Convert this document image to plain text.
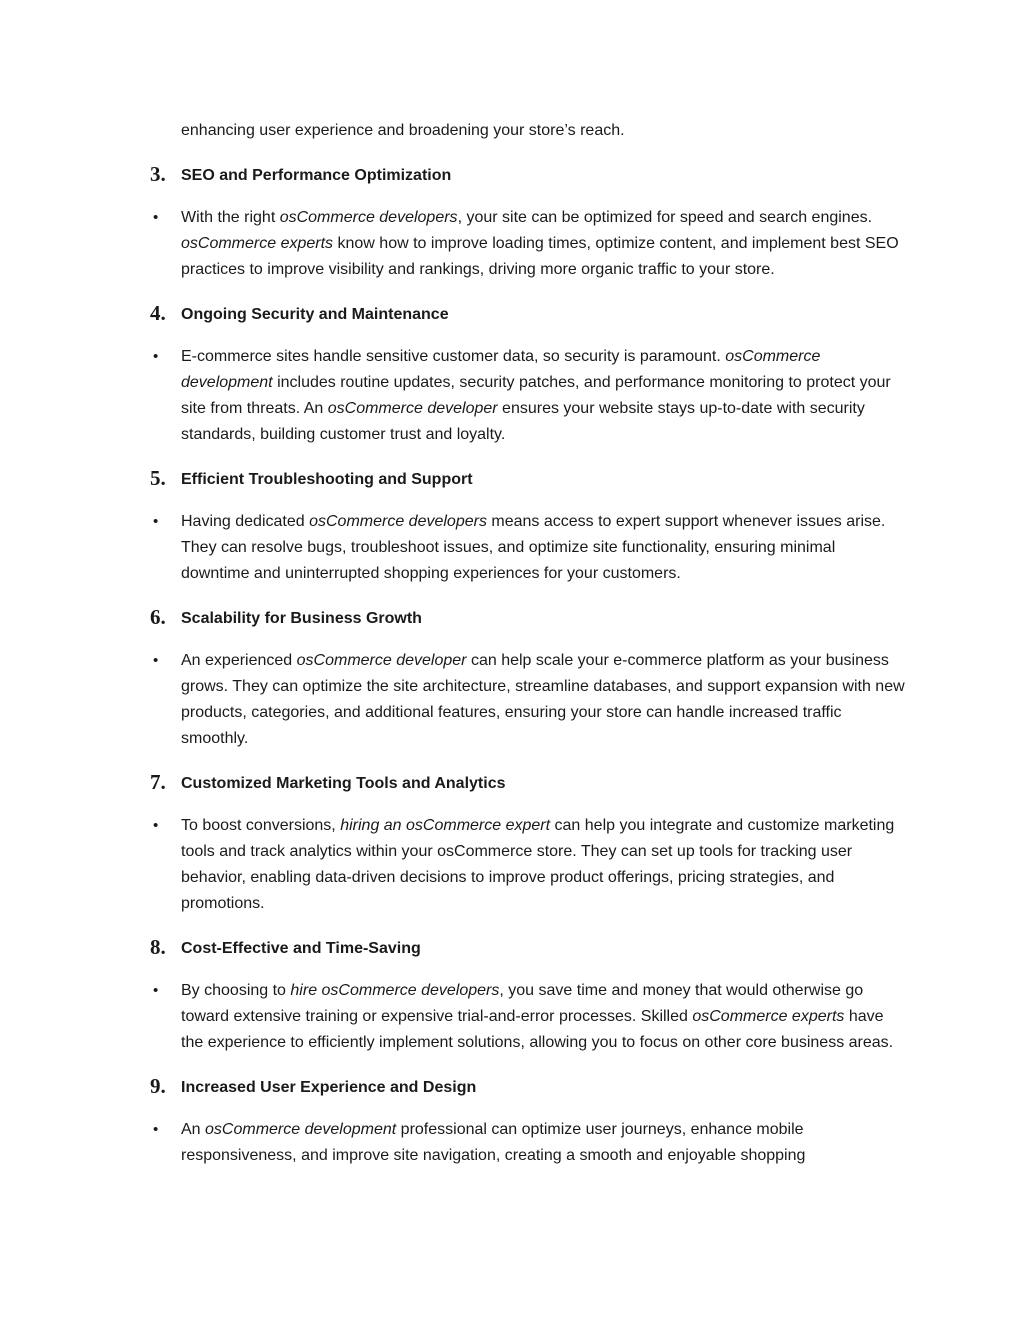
enhancing user experience and broadening your store’s reach.

3. SEO and Performance Optimization
• With the right osCommerce developers, your site can be optimized for speed and search engines. osCommerce experts know how to improve loading times, optimize content, and implement best SEO practices to improve visibility and rankings, driving more organic traffic to your store.
4. Ongoing Security and Maintenance
• E-commerce sites handle sensitive customer data, so security is paramount. osCommerce development includes routine updates, security patches, and performance monitoring to protect your site from threats. An osCommerce developer ensures your website stays up-to-date with security standards, building customer trust and loyalty.
5. Efficient Troubleshooting and Support
• Having dedicated osCommerce developers means access to expert support whenever issues arise. They can resolve bugs, troubleshoot issues, and optimize site functionality, ensuring minimal downtime and uninterrupted shopping experiences for your customers.
6. Scalability for Business Growth
• An experienced osCommerce developer can help scale your e-commerce platform as your business grows. They can optimize the site architecture, streamline databases, and support expansion with new products, categories, and additional features, ensuring your store can handle increased traffic smoothly.
7. Customized Marketing Tools and Analytics
• To boost conversions, hiring an osCommerce expert can help you integrate and customize marketing tools and track analytics within your osCommerce store. They can set up tools for tracking user behavior, enabling data-driven decisions to improve product offerings, pricing strategies, and promotions.
8. Cost-Effective and Time-Saving
• By choosing to hire osCommerce developers, you save time and money that would otherwise go toward extensive training or expensive trial-and-error processes. Skilled osCommerce experts have the experience to efficiently implement solutions, allowing you to focus on other core business areas.
9. Increased User Experience and Design
• An osCommerce development professional can optimize user journeys, enhance mobile responsiveness, and improve site navigation, creating a smooth and enjoyable shopping
